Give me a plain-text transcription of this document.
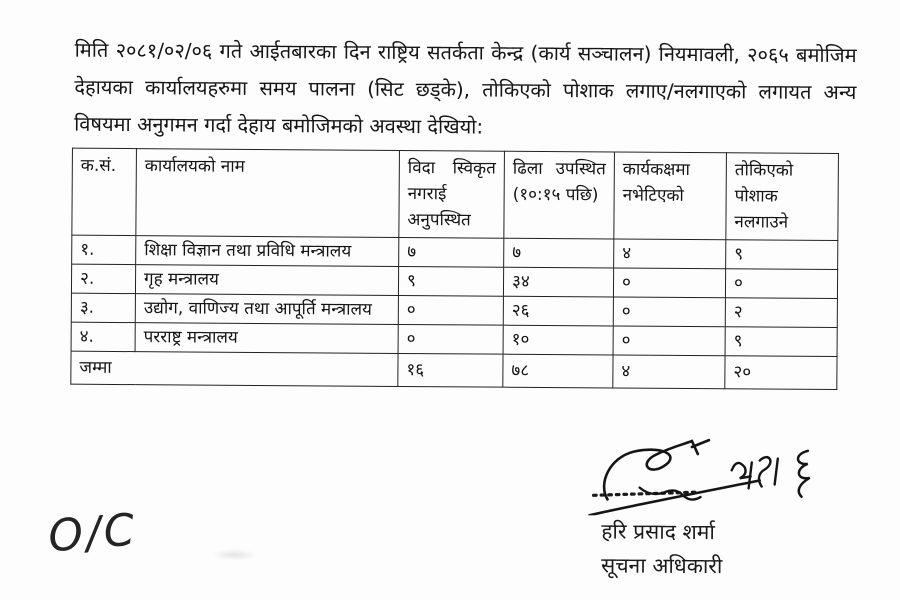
मिति २०८१/०२/०६ गते आईतबारका दिन राष्ट्रिय सतर्कता केन्द्र (कार्य सञ्चालन) नियमावली, २०६५ बमोजिम देहायका कार्यालयहरुमा समय पालना (सिट छड्के), तोकिएको पोशाक लगाए/नलगाएको लगायत अन्य विषयमा अनुगमन गर्दा देहाय बमोजिमको अवस्था देखियो:

क.सं.	कार्यालयको नाम	विदा स्विकृत नगराई अनुपस्थित	ढिला उपस्थित (१०:१५ पछि)	कार्यकक्षमा नभेटिएको	तोकिएको पोशाक नलगाउने
१.	शिक्षा विज्ञान तथा प्रविधि मन्त्रालय	७	७	४	९
२.	गृह मन्त्रालय	९	३४	०	०
३.	उद्योग, वाणिज्य तथा आपूर्ति मन्त्रालय	०	२६	०	२
४.	परराष्ट्र मन्त्रालय	०	१०	०	९
जम्मा		१६	७८	४	२०
हरि प्रसाद शर्मा
सूचना अधिकारी
O/C
